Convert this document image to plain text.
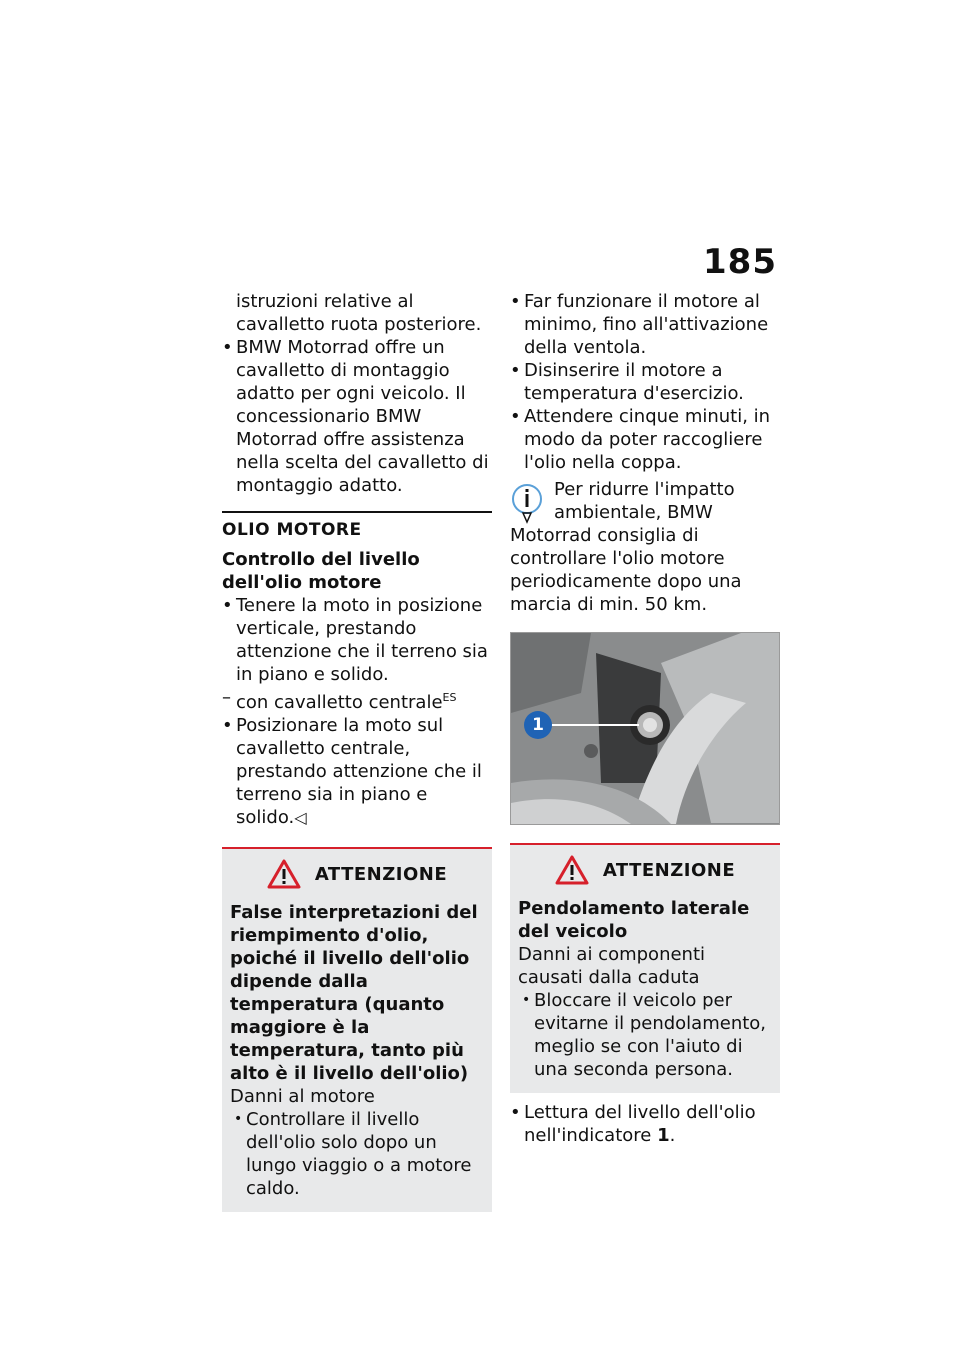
185

istruzioni relative al cavalletto ruota posteriore.

• BMW Motorrad offre un cavalletto di montaggio adatto per ogni veicolo. Il concessionario BMW Motorrad offre assistenza nella scelta del cavalletto di montaggio adatto.

OLIO MOTORE
Controllo del livello dell'olio motore

• Tenere la moto in posizione verticale, prestando attenzione che il terreno sia in piano e solido.

– con cavalletto centrale$^{ES}$

• Posizionare la moto sul cavalletto centrale, prestando attenzione che il terreno sia in piano e solido.◁

ATTENZIONE

False interpretazioni del riempimento d'olio, poiché il livello dell'olio dipende dalla temperatura (quanto maggiore è la temperatura, tanto più alto è il livello dell'olio)

Danni al motore

• Controllare il livello dell'olio solo dopo un lungo viaggio o a motore caldo.

• Far funzionare il motore al minimo, fino all'attivazione della ventola.

• Disinserire il motore a temperatura d'esercizio.

• Attendere cinque minuti, in modo da poter raccogliere l'olio nella coppa.

Per ridurre l'impatto ambientale, BMW Motorrad consiglia di controllare l'olio motore periodicamente dopo una marcia di min. 50 km.

1
ATTENZIONE

Pendolamento laterale del veicolo

Danni ai componenti causati dalla caduta

• Bloccare il veicolo per evitarne il pendolamento, meglio se con l'aiuto di una seconda persona.

• Lettura del livello dell'olio nell'indicatore 1.
